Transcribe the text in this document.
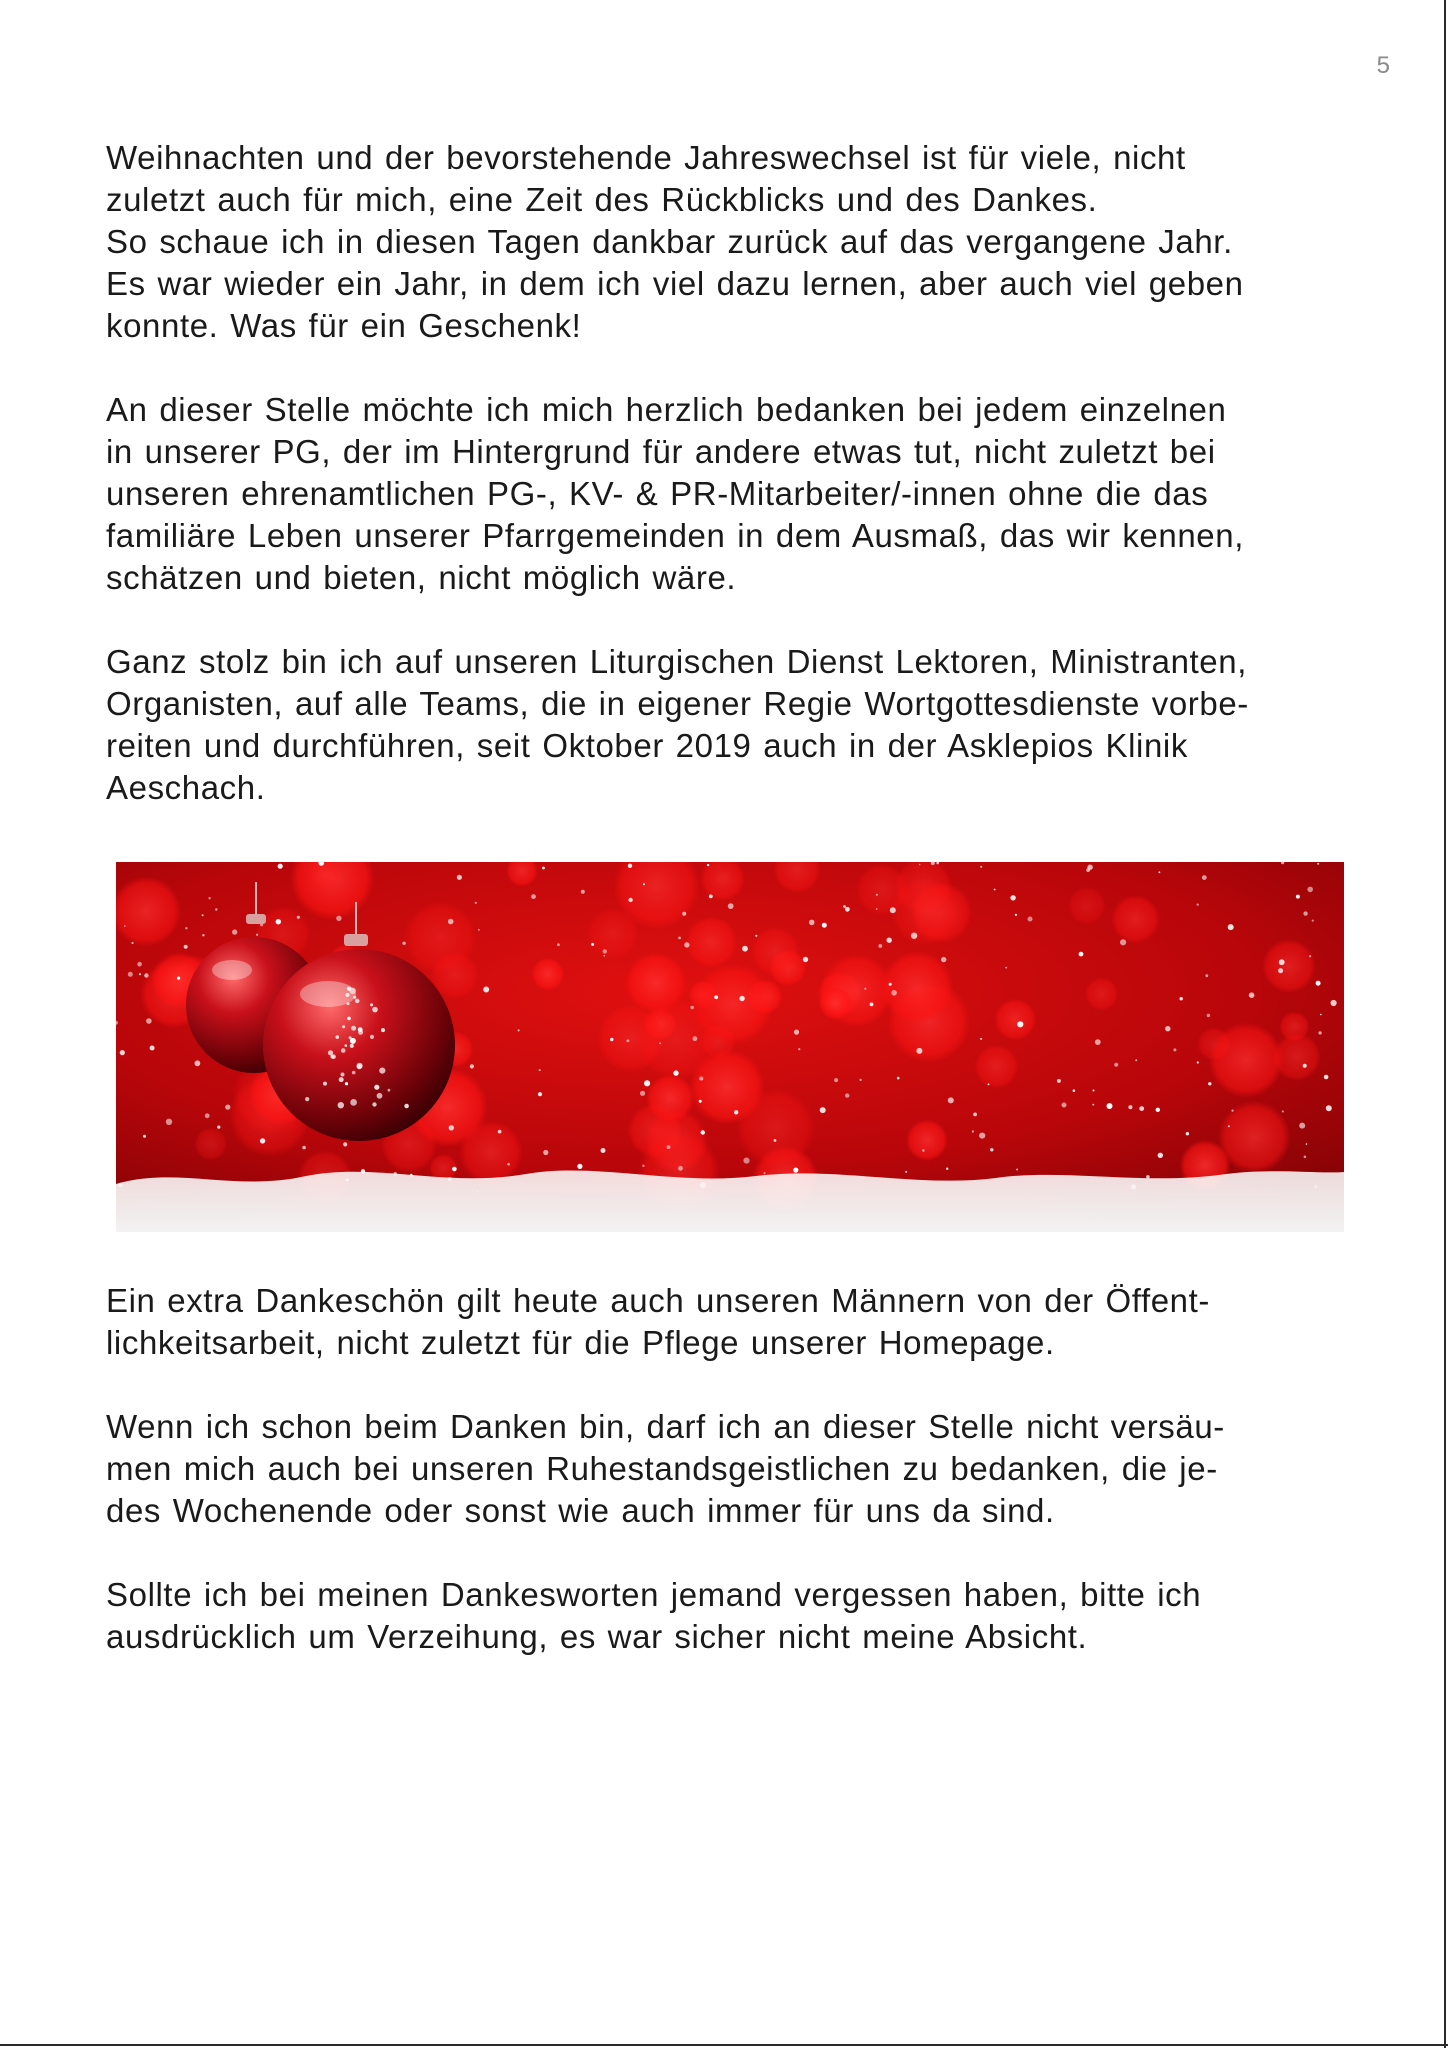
5

Weihnachten und der bevorstehende Jahreswechsel ist für viele, nicht
zuletzt auch für mich, eine Zeit des Rückblicks und des Dankes.
So schaue ich in diesen Tagen dankbar zurück auf das vergangene Jahr.
Es war wieder ein Jahr, in dem ich viel dazu lernen, aber auch viel geben
konnte. Was für ein Geschenk!

An dieser Stelle möchte ich mich herzlich bedanken bei jedem einzelnen
in unserer PG, der im Hintergrund für andere etwas tut, nicht zuletzt bei
unseren ehrenamtlichen PG-, KV- & PR-Mitarbeiter/-innen ohne die das
familiäre Leben unserer Pfarrgemeinden in dem Ausmaß, das wir kennen,
schätzen und bieten, nicht möglich wäre.

Ganz stolz bin ich auf unseren Liturgischen Dienst Lektoren, Ministranten,
Organisten, auf alle Teams, die in eigener Regie Wortgottesdienste vorbe-
reiten und durchführen, seit Oktober 2019 auch in der Asklepios Klinik
Aeschach.

Ein extra Dankeschön gilt heute auch unseren Männern von der Öffent-
lichkeitsarbeit, nicht zuletzt für die Pflege unserer Homepage.

Wenn ich schon beim Danken bin, darf ich an dieser Stelle nicht versäu-
men mich auch bei unseren Ruhestandsgeistlichen zu bedanken, die je-
des Wochenende oder sonst wie auch immer für uns da sind.

Sollte ich bei meinen Dankesworten jemand vergessen haben, bitte ich
ausdrücklich um Verzeihung, es war sicher nicht meine Absicht.
